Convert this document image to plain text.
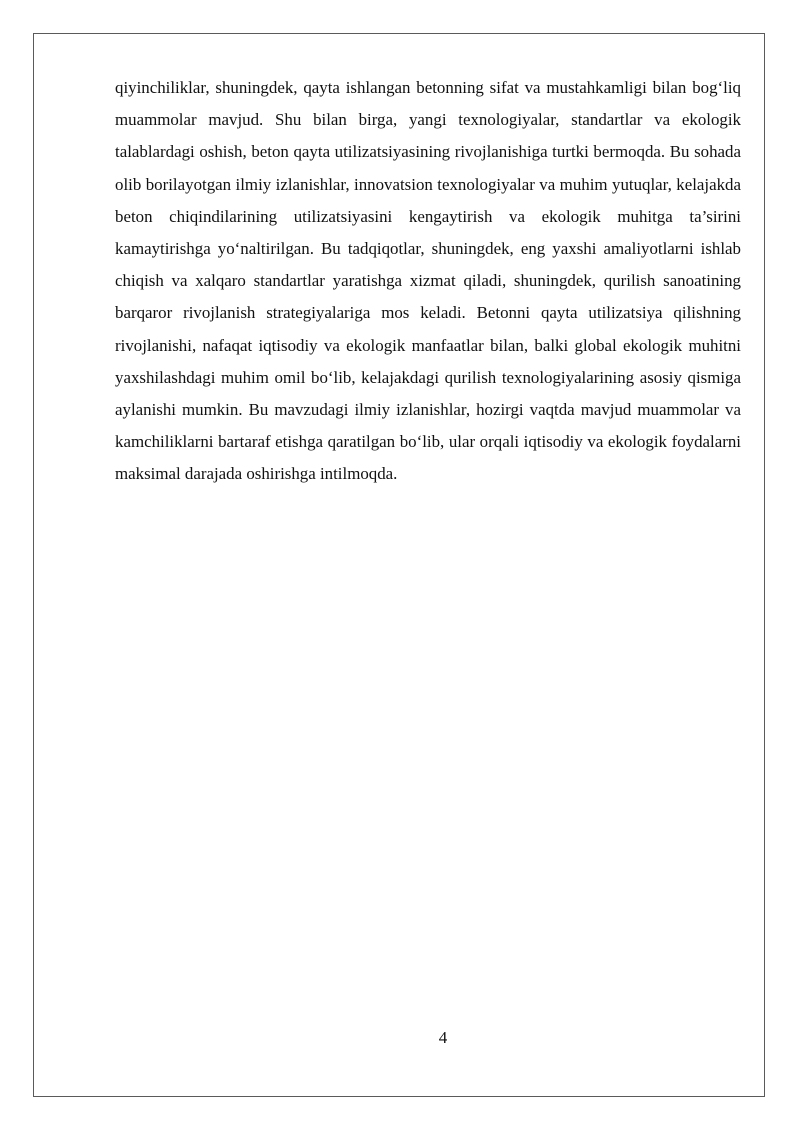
qiyinchiliklar, shuningdek, qayta ishlangan betonning sifat va mustahkamligi bilan bog‘liq muammolar mavjud. Shu bilan birga, yangi texnologiyalar, standartlar va ekologik talablardagi oshish, beton qayta utilizatsiyasining rivojlanishiga turtki bermoqda. Bu sohada olib borilayotgan ilmiy izlanishlar, innovatsion texnologiyalar va muhim yutuqlar, kelajakda beton chiqindilarining utilizatsiyasini kengaytirish va ekologik muhitga ta’sirini kamaytirishga yo‘naltirilgan. Bu tadqiqotlar, shuningdek, eng yaxshi amaliyotlarni ishlab chiqish va xalqaro standartlar yaratishga xizmat qiladi, shuningdek, qurilish sanoatining barqaror rivojlanish strategiyalariga mos keladi. Betonni qayta utilizatsiya qilishning rivojlanishi, nafaqat iqtisodiy va ekologik manfaatlar bilan, balki global ekologik muhitni yaxshilashdagi muhim omil bo‘lib, kelajakdagi qurilish texnologiyalarining asosiy qismiga aylanishi mumkin. Bu mavzudagi ilmiy izlanishlar, hozirgi vaqtda mavjud muammolar va kamchiliklarni bartaraf etishga qaratilgan bo‘lib, ular orqali iqtisodiy va ekologik foydalarni maksimal darajada oshirishga intilmoqda.

4
